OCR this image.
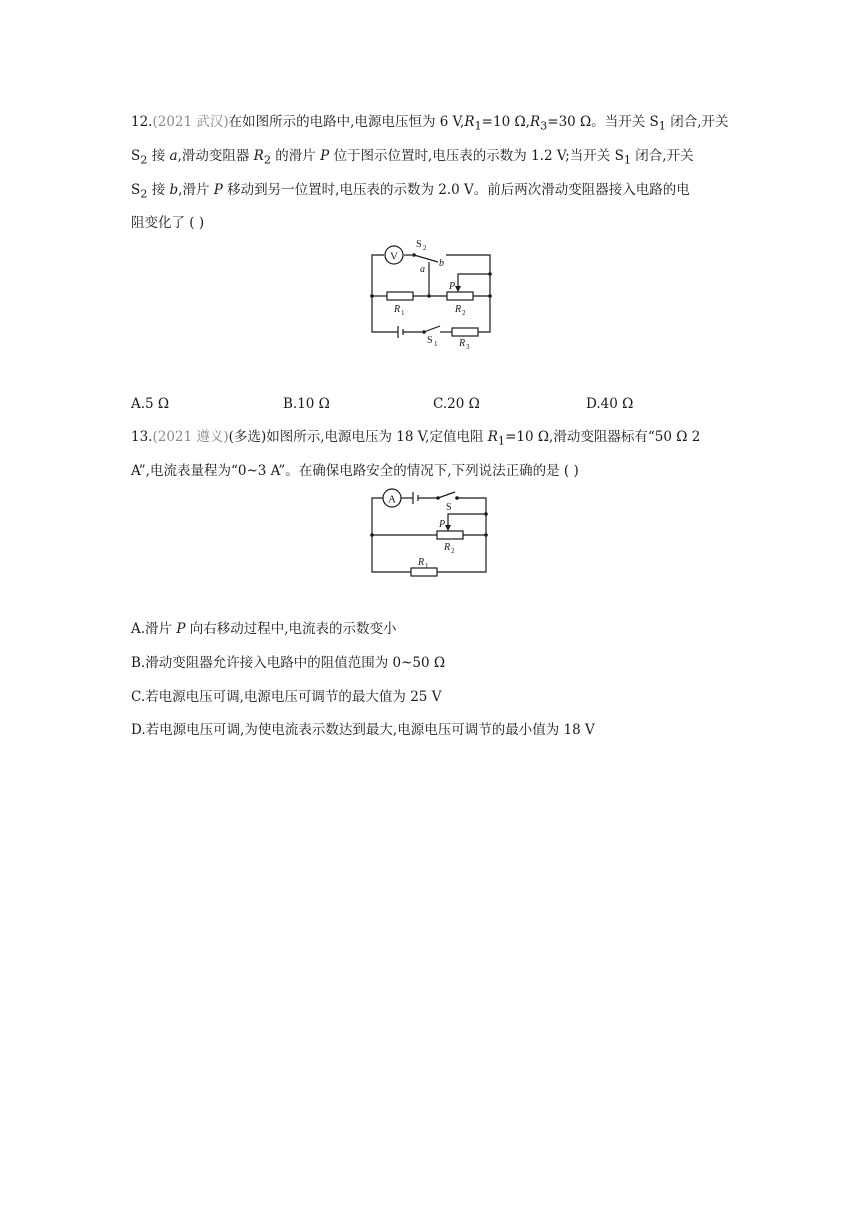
12.(2021 武汉)在如图所示的电路中,电源电压恒为 6 $V,R_1=10$ $\Omega,R_3=30$ Ω。当开关 $S_1$ 闭合,开关
$S_2$ 接 a,滑动变阻器 $R_2$ 的滑片 P 位于图示位置时,电压表的示数为 1.2 V;当开关 $S_1$ 闭合,开关
$S_2$ 接 b,滑片 P 移动到另一位置时,电压表的示数为 2.0 V。前后两次滑动变阻器接入电路的电
阻变化了 ( )
V
S 2
b
a
P
R 1	R 2
S 1 R 3
A.5 Ω	B.10 Ω	C.20 Ω	D.40 Ω
13.(2021 遵义)(多选)如图所示,电源电压为 18 V,定值电阻 $R_1=10$ Ω,滑动变阻器标有“50 Ω 2
A”,电流表量程为“0~3 A”。在确保电路安全的情况下,下列说法正确的是 ( )
A
S
P
R 2
R 1
A.滑片 P 向右移动过程中,电流表的示数变小
B.滑动变阻器允许接入电路中的阻值范围为 0~50 Ω
C.若电源电压可调,电源电压可调节的最大值为 25 V
D.若电源电压可调,为使电流表示数达到最大,电源电压可调节的最小值为 18 V
